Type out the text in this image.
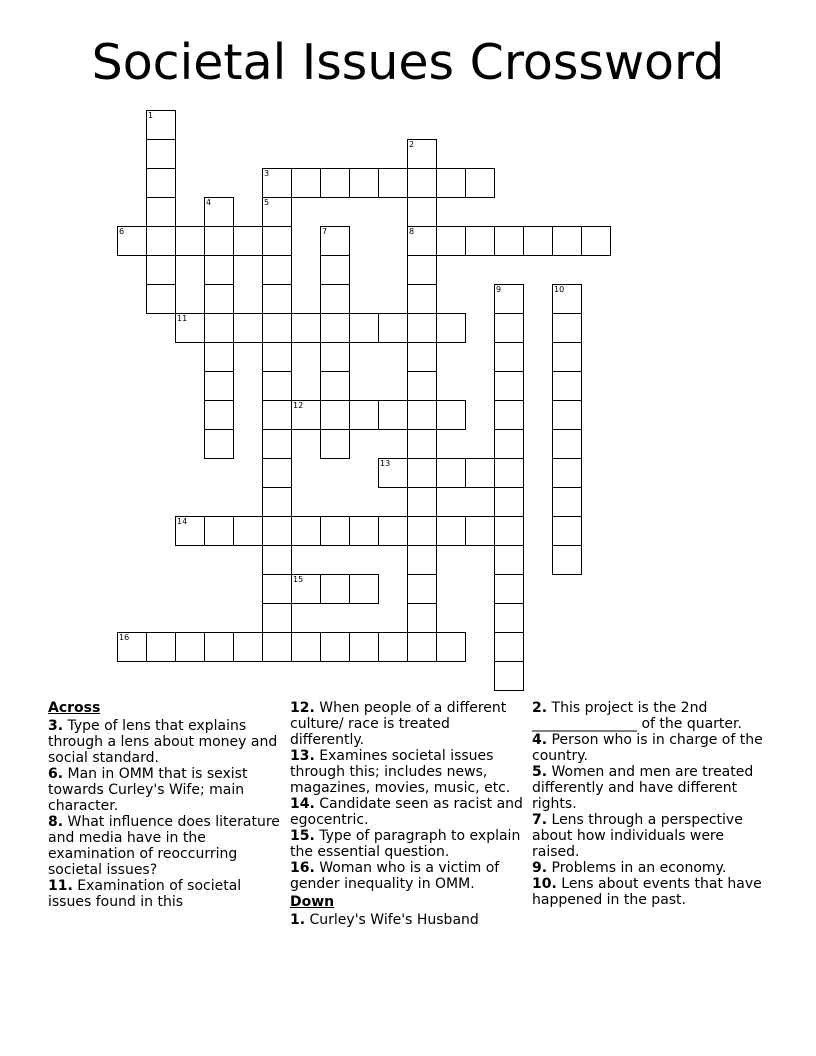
Societal Issues Crossword
3
6	8
11
12
13
14
15
16
1
2
4	5
7
9	10
Across
3. Type of lens that explains through a lens about money and social standard.
6. Man in OMM that is sexist towards Curley's Wife; main character.
8. What influence does literature and media have in the examination of reoccurring societal issues?
11. Examination of societal issues found in this
12. When people of a different culture/ race is treated differently.
13. Examines societal issues through this; includes news, magazines, movies, music, etc.
14. Candidate seen as racist and egocentric.
15. Type of paragraph to explain the essential question.
16. Woman who is a victim of gender inequality in OMM.
Down
1. Curley's Wife's Husband
2. This project is the 2nd _______________ of the quarter.
4. Person who is in charge of the country.
5. Women and men are treated differently and have different rights.
7. Lens through a perspective about how individuals were raised.
9. Problems in an economy.
10. Lens about events that have happened in the past.
